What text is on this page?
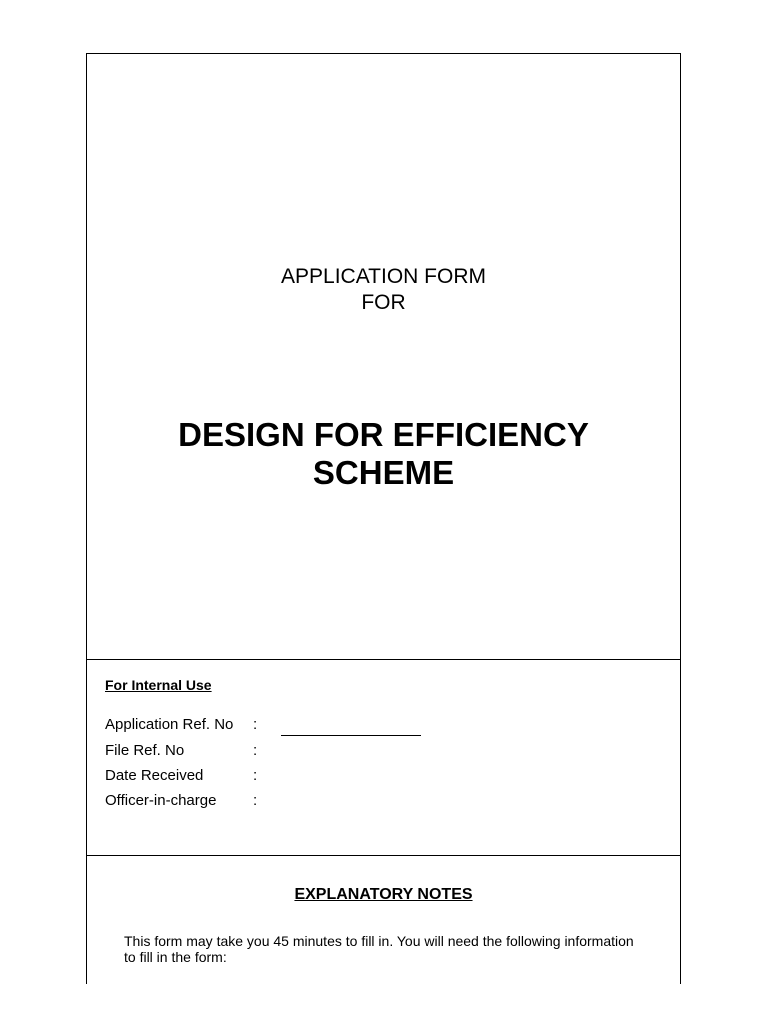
APPLICATION FORM
FOR
DESIGN FOR EFFICIENCY
SCHEME
For Internal Use
Application Ref. No :
File Ref. No	:
Date Received	:
Officer-in-charge :
EXPLANATORY NOTES
This form may take you 45 minutes to fill in. You will need the following information to fill in the form:
